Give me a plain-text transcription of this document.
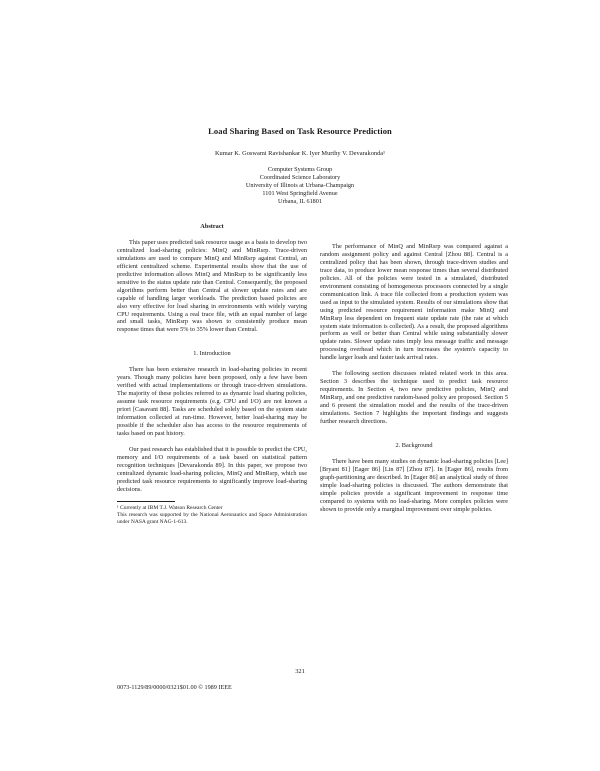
Load Sharing Based on Task Resource Prediction
Kumar K. Goswami Ravishankar K. Iyer Murthy V. Devarakonda¹
Computer Systems Group
Coordinated Science Laboratory
University of Illinois at Urbana-Champaign
1101 West Springfield Avenue
Urbana, IL 61801
Abstract

This paper uses predicted task resource usage as a basis to develop two centralized load-sharing policies: MinQ and MinRsrp. Trace-driven simulations are used to compare MinQ and MinRsrp against Central, an efficient centralized scheme. Experimental results show that the use of predictive information allows MinQ and MinRsrp to be significantly less sensitive to the status update rate than Central. Consequently, the proposed algorithms perform better than Central at slower update rates and are capable of handling larger workloads. The prediction based policies are also very effective for load sharing in environments with widely varying CPU requirements. Using a real trace file, with an equal number of large and small tasks, MinRsrp was shown to consistently produce mean response times that were 5% to 35% lower than Central.

1. Introduction

There has been extensive research in load-sharing policies in recent years. Though many policies have been proposed, only a few have been verified with actual implementations or through trace-driven simulations. The majority of these policies referred to as dynamic load sharing policies, assume task resource requirements (e.g. CPU and I/O) are not known a priori [Casavant 88]. Tasks are scheduled solely based on the system state information collected at run-time. However, better load-sharing may be possible if the scheduler also has access to the resource requirements of tasks based on past history.

Our past research has established that it is possible to predict the CPU, memory and I/O requirements of a task based on statistical pattern recognition techniques [Devarakonda 89]. In this paper, we propose two centralized dynamic load-sharing policies, MinQ and MinRsrp, which use predicted task resource requirements to significantly improve load-sharing decisions.

¹ Currently at IBM T.J. Watson Research Center

This research was supported by the National Aeronautics and Space Administration under NASA grant NAG-1-613.

The performance of MinQ and MinRsrp was compared against a random assignment policy and against Central [Zhou 88]. Central is a centralized policy that has been shown, through trace-driven studies and trace data, to produce lower mean response times than several distributed policies. All of the policies were tested in a simulated, distributed environment consisting of homogeneous processors connected by a single communication link. A trace file collected from a production system was used as input to the simulated system. Results of our simulations show that using predicted resource requirement information make MinQ and MinRsrp less dependent on frequent state update rate (the rate at which system state information is collected). As a result, the proposed algorithms perform as well or better than Central while using substantially slower update rates. Slower update rates imply less message traffic and message processing overhead which in turn increases the system's capacity to handle larger loads and faster task arrival rates.

The following section discusses related related work in this area. Section 3 describes the technique used to predict task resource requirements. In Section 4, two new predictive policies, MinQ and MinRsrp, and one predictive random-based policy are proposed. Section 5 and 6 present the simulation model and the results of the trace-driven simulations. Section 7 highlights the important findings and suggests further research directions.

2. Background

There have been many studies on dynamic load-sharing policies [Lee] [Bryant 81] [Eager 86] [Lin 87] [Zhou 87]. In [Eager 86], results from graph-partitioning are described. In [Eager 86] an analytical study of three simple load-sharing policies is discussed. The authors demonstrate that simple policies provide a significant improvement in response time compared to systems with no load-sharing. More complex policies were shown to provide only a marginal improvement over simple policies.

321
0073-1129/89/0000/0321$01.00 © 1989 IEEE
